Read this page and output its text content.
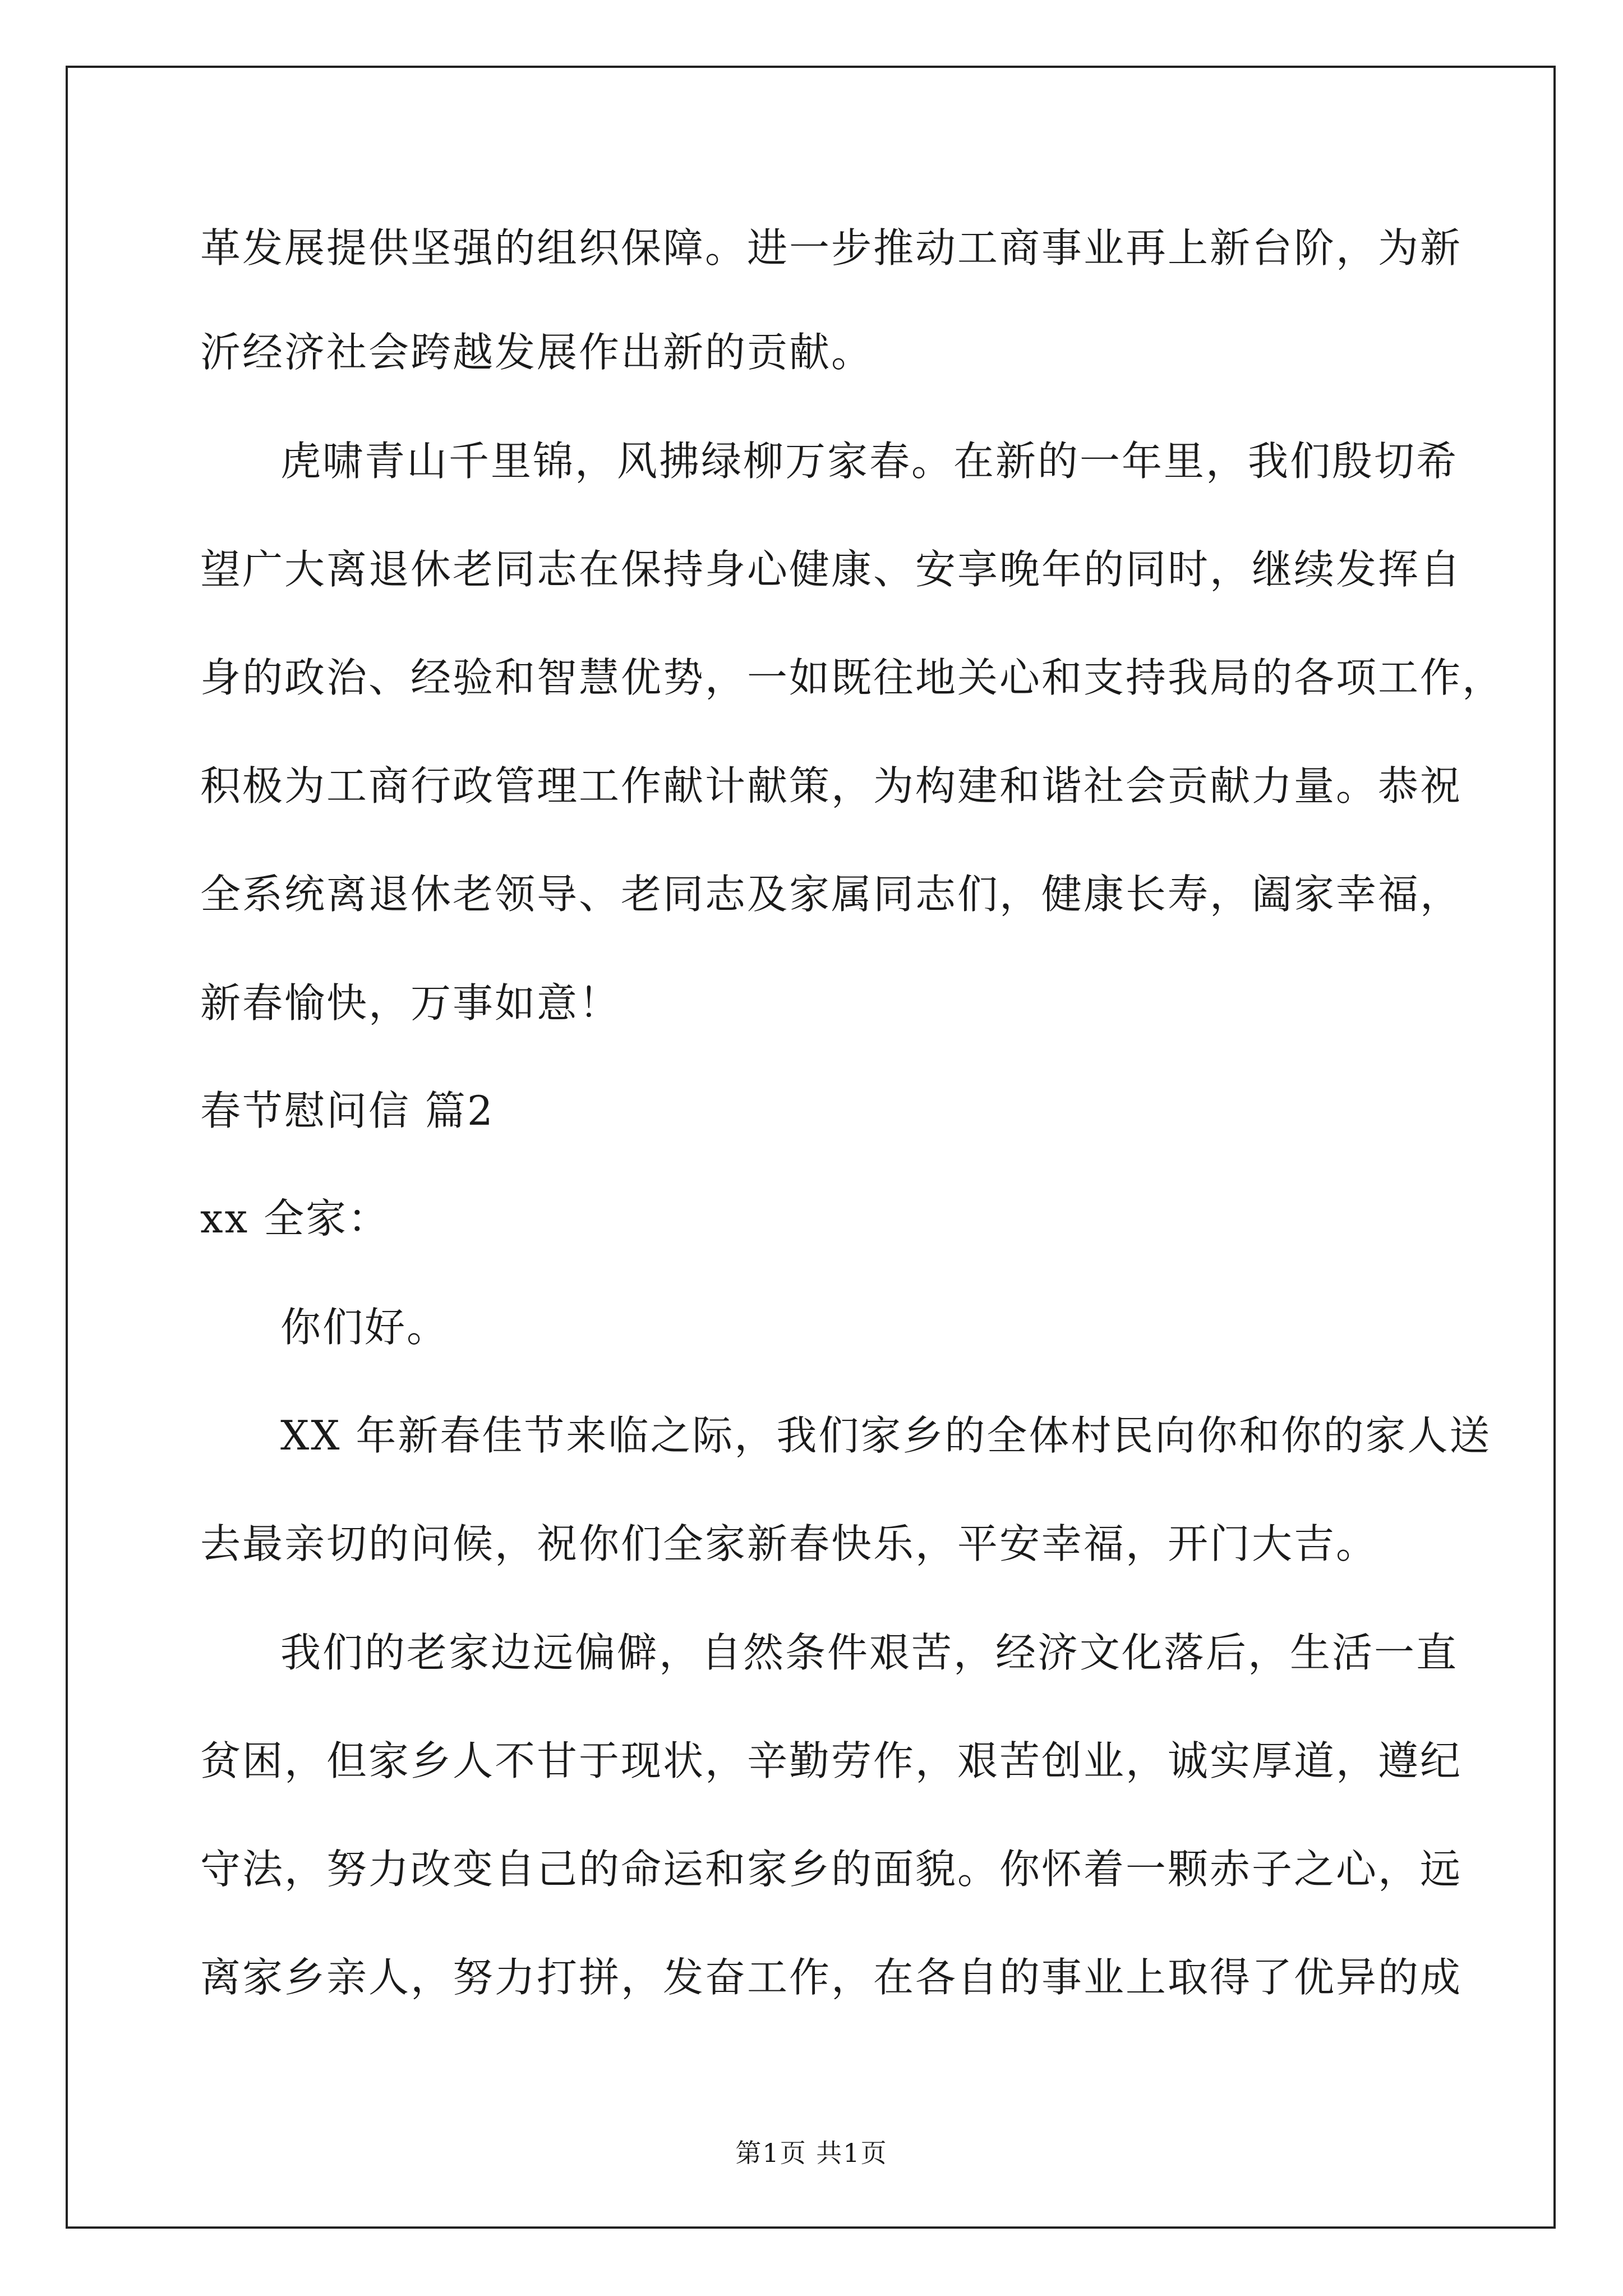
革发展提供坚强的组织保障。进一步推动工商事业再上新台阶，为新
沂经济社会跨越发展作出新的贡献。
虎啸青山千里锦，风拂绿柳万家春。在新的一年里，我们殷切希
望广大离退休老同志在保持身心健康、安享晚年的同时，继续发挥自
身的政治、经验和智慧优势，一如既往地关心和支持我局的各项工作，
积极为工商行政管理工作献计献策，为构建和谐社会贡献力量。恭祝
全系统离退休老领导、老同志及家属同志们，健康长寿，阖家幸福，
新春愉快，万事如意！
春节慰问信 篇2
xx 全家：
你们好。
XX 年新春佳节来临之际，我们家乡的全体村民向你和你的家人送
去最亲切的问候，祝你们全家新春快乐，平安幸福，开门大吉。
我们的老家边远偏僻，自然条件艰苦，经济文化落后，生活一直
贫困，但家乡人不甘于现状，辛勤劳作，艰苦创业，诚实厚道，遵纪
守法，努力改变自己的命运和家乡的面貌。你怀着一颗赤子之心，远
离家乡亲人，努力打拼，发奋工作，在各自的事业上取得了优异的成
第1页 共1页
